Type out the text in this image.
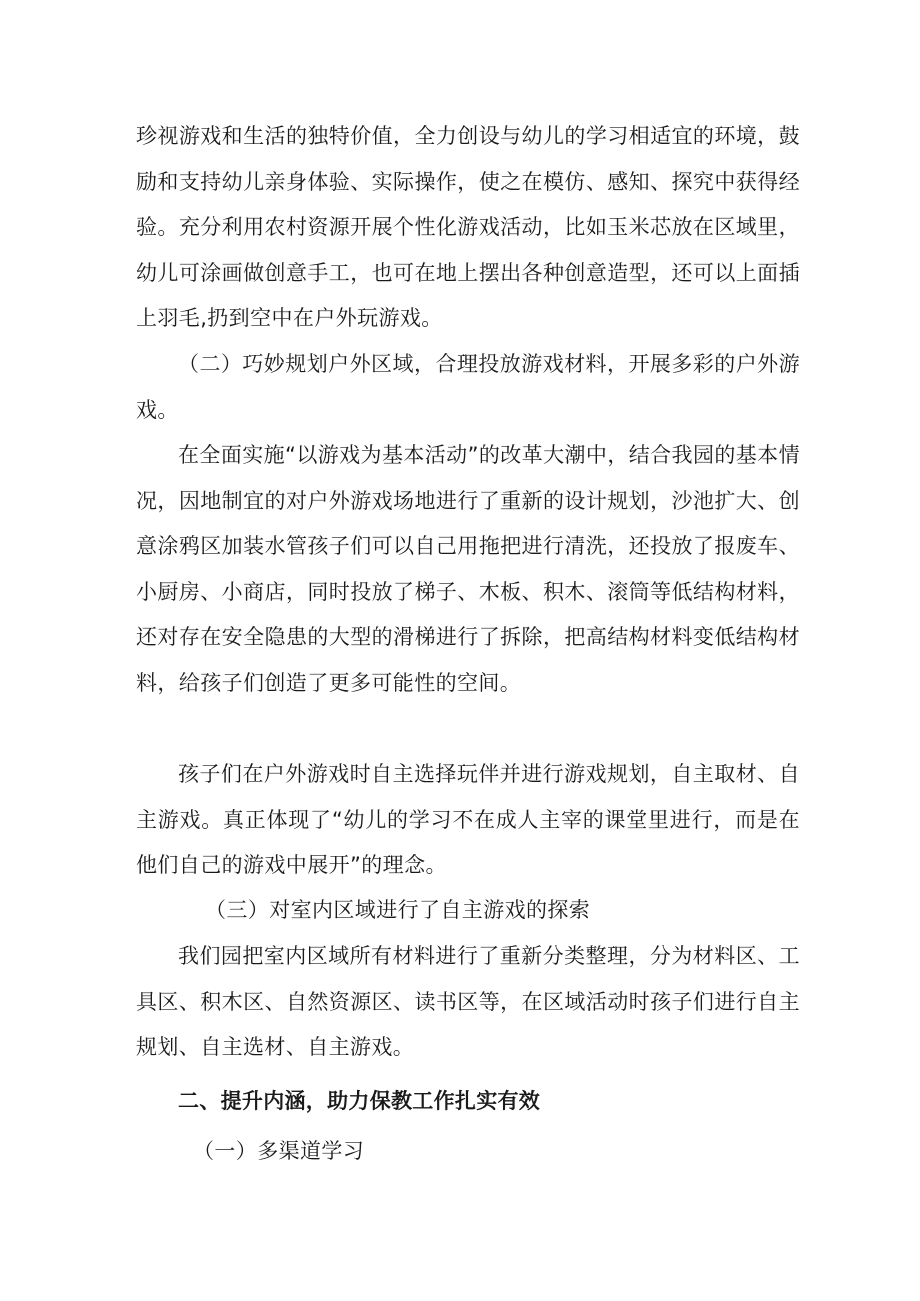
珍视游戏和生活的独特价值，全力创设与幼儿的学习相适宜的环境，鼓励和支持幼儿亲身体验、实际操作，使之在模仿、感知、探究中获得经验。充分利用农村资源开展个性化游戏活动，比如玉米芯放在区域里，幼儿可涂画做创意手工，也可在地上摆出各种创意造型，还可以上面插上羽毛,扔到空中在户外玩游戏。

（二）巧妙规划户外区域，合理投放游戏材料，开展多彩的户外游戏。

在全面实施“以游戏为基本活动”的改革大潮中，结合我园的基本情况，因地制宜的对户外游戏场地进行了重新的设计规划，沙池扩大、创意涂鸦区加装水管孩子们可以自己用拖把进行清洗，还投放了报废车、小厨房、小商店，同时投放了梯子、木板、积木、滚筒等低结构材料，还对存在安全隐患的大型的滑梯进行了拆除，把高结构材料变低结构材料，给孩子们创造了更多可能性的空间。

孩子们在户外游戏时自主选择玩伴并进行游戏规划，自主取材、自主游戏。真正体现了“幼儿的学习不在成人主宰的课堂里进行，而是在他们自己的游戏中展开”的理念。

（三）对室内区域进行了自主游戏的探索

我们园把室内区域所有材料进行了重新分类整理，分为材料区、工具区、积木区、自然资源区、读书区等，在区域活动时孩子们进行自主规划、自主选材、自主游戏。

二、提升内涵，助力保教工作扎实有效

（一）多渠道学习
